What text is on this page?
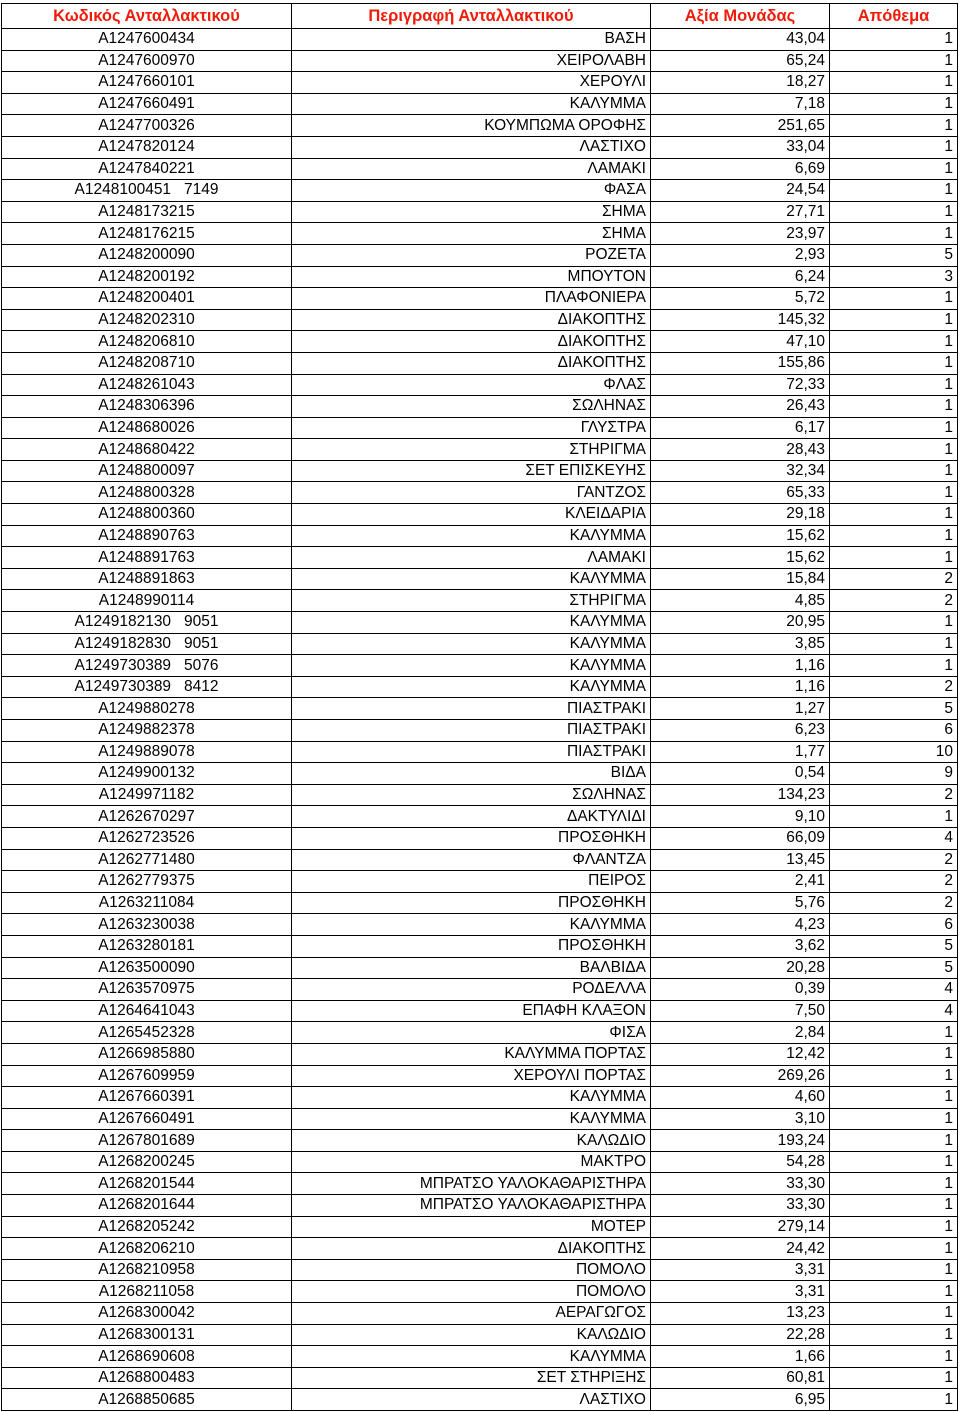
Κωδικός Ανταλλακτικού	Περιγραφή Ανταλλακτικού	Αξία Μονάδας	Απόθεμα
A1247600434	ΒΑΣΗ	43,04	1
A1247600970	ΧΕΙΡΟΛΑΒΗ	65,24	1
A1247660101	ΧΕΡΟΥΛΙ	18,27	1
A1247660491	ΚΑΛΥΜΜΑ	7,18	1
A1247700326	ΚΟΥΜΠΩΜΑ ΟΡΟΦΗΣ	251,65	1
A1247820124	ΛΑΣΤΙΧΟ	33,04	1
A1247840221	ΛΑΜΑΚΙ	6,69	1
A1248100451   7149	ΦΑΣΑ	24,54	1
A1248173215	ΣΗΜΑ	27,71	1
A1248176215	ΣΗΜΑ	23,97	1
A1248200090	ΡΟΖΕΤΑ	2,93	5
A1248200192	ΜΠΟΥΤΟΝ	6,24	3
A1248200401	ΠΛΑΦΟΝΙΕΡΑ	5,72	1
A1248202310	ΔΙΑΚΟΠΤΗΣ	145,32	1
A1248206810	ΔΙΑΚΟΠΤΗΣ	47,10	1
A1248208710	ΔΙΑΚΟΠΤΗΣ	155,86	1
A1248261043	ΦΛΑΣ	72,33	1
A1248306396	ΣΩΛΗΝΑΣ	26,43	1
A1248680026	ΓΛΥΣΤΡΑ	6,17	1
A1248680422	ΣΤΗΡΙΓΜΑ	28,43	1
A1248800097	ΣΕΤ ΕΠΙΣΚΕΥΗΣ	32,34	1
A1248800328	ΓΑΝΤΖΟΣ	65,33	1
A1248800360	ΚΛΕΙΔΑΡΙΑ	29,18	1
A1248890763	ΚΑΛΥΜΜΑ	15,62	1
A1248891763	ΛΑΜΑΚΙ	15,62	1
A1248891863	ΚΑΛΥΜΜΑ	15,84	2
A1248990114	ΣΤΗΡΙΓΜΑ	4,85	2
A1249182130   9051	ΚΑΛΥΜΜΑ	20,95	1
A1249182830   9051	ΚΑΛΥΜΜΑ	3,85	1
A1249730389   5076	ΚΑΛΥΜΜΑ	1,16	1
A1249730389   8412	ΚΑΛΥΜΜΑ	1,16	2
A1249880278	ΠΙΑΣΤΡΑΚΙ	1,27	5
A1249882378	ΠΙΑΣΤΡΑΚΙ	6,23	6
A1249889078	ΠΙΑΣΤΡΑΚΙ	1,77	10
A1249900132	ΒΙΔΑ	0,54	9
A1249971182	ΣΩΛΗΝΑΣ	134,23	2
A1262670297	ΔΑΚΤΥΛΙΔΙ	9,10	1
A1262723526	ΠΡΟΣΘΗΚΗ	66,09	4
A1262771480	ΦΛΑΝΤΖΑ	13,45	2
A1262779375	ΠΕΙΡΟΣ	2,41	2
A1263211084	ΠΡΟΣΘΗΚΗ	5,76	2
A1263230038	ΚΑΛΥΜΜΑ	4,23	6
A1263280181	ΠΡΟΣΘΗΚΗ	3,62	5
A1263500090	ΒΑΛΒΙΔΑ	20,28	5
A1263570975	ΡΟΔΕΛΛΑ	0,39	4
A1264641043	ΕΠΑΦΗ ΚΛΑΞΟΝ	7,50	4
A1265452328	ΦΙΣΑ	2,84	1
A1266985880	ΚΑΛΥΜΜΑ ΠΟΡΤΑΣ	12,42	1
A1267609959	ΧΕΡΟΥΛΙ ΠΟΡΤΑΣ	269,26	1
A1267660391	ΚΑΛΥΜΜΑ	4,60	1
A1267660491	ΚΑΛΥΜΜΑ	3,10	1
A1267801689	ΚΑΛΩΔΙΟ	193,24	1
A1268200245	ΜΑΚΤΡΟ	54,28	1
A1268201544	ΜΠΡΑΤΣΟ ΥΑΛΟΚΑΘΑΡΙΣΤΗΡΑ	33,30	1
A1268201644	ΜΠΡΑΤΣΟ ΥΑΛΟΚΑΘΑΡΙΣΤΗΡΑ	33,30	1
A1268205242	ΜΟΤΕΡ	279,14	1
A1268206210	ΔΙΑΚΟΠΤΗΣ	24,42	1
A1268210958	ΠΟΜΟΛΟ	3,31	1
A1268211058	ΠΟΜΟΛΟ	3,31	1
A1268300042	ΑΕΡΑΓΩΓΟΣ	13,23	1
A1268300131	ΚΑΛΩΔΙΟ	22,28	1
A1268690608	ΚΑΛΥΜΜΑ	1,66	1
A1268800483	ΣΕΤ ΣΤΗΡΙΞΗΣ	60,81	1
A1268850685	ΛΑΣΤΙΧΟ	6,95	1
